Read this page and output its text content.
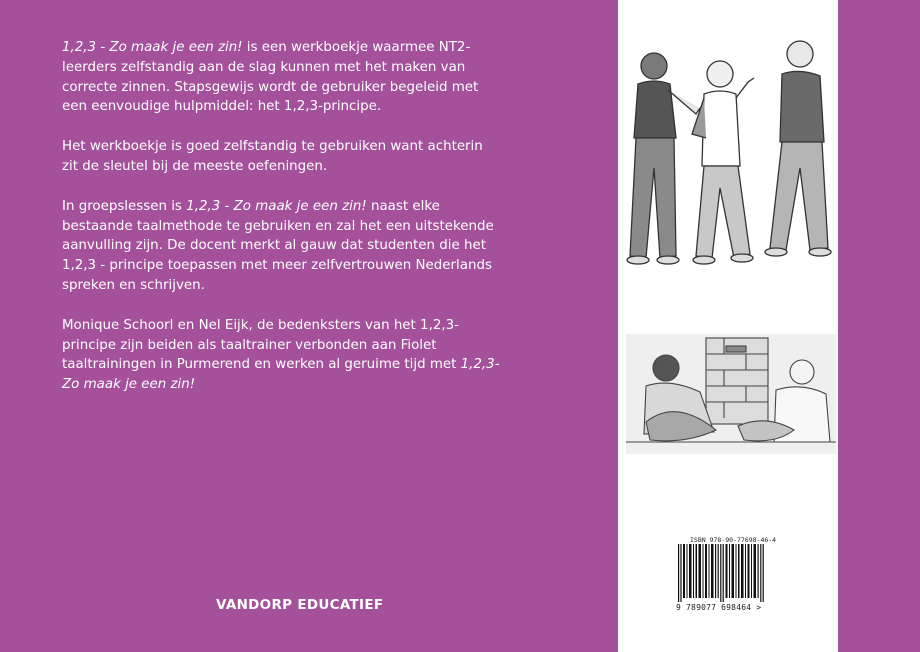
1,2,3 - Zo maak je een zin! is een werkboekje waarmee NT2-leerders zelfstandig aan de slag kunnen met het maken van correcte zinnen. Stapsgewijs wordt de gebruiker begeleid met een eenvoudige hulpmiddel: het 1,2,3-principe.

Het werkboekje is goed zelfstandig te gebruiken want achterin zit de sleutel bij de meeste oefeningen.

In groepslessen is 1,2,3 - Zo maak je een zin! naast elke bestaande taalmethode te gebruiken en zal het een uitstekende aanvulling zijn. De docent merkt al gauw dat studenten die het 1,2,3 - principe toepassen met meer zelfvertrouwen Nederlands spreken en schrijven.

Monique Schoorl en Nel Eijk, de bedenksters van het 1,2,3-principe zijn beiden als taaltrainer verbonden aan Fiolet taaltrainingen in Purmerend en werken al geruime tijd met 1,2,3-Zo maak je een zin!

VANDORP EDUCATIEF
ISBN 978-90-77698-46-4
9 789077 698464 >
